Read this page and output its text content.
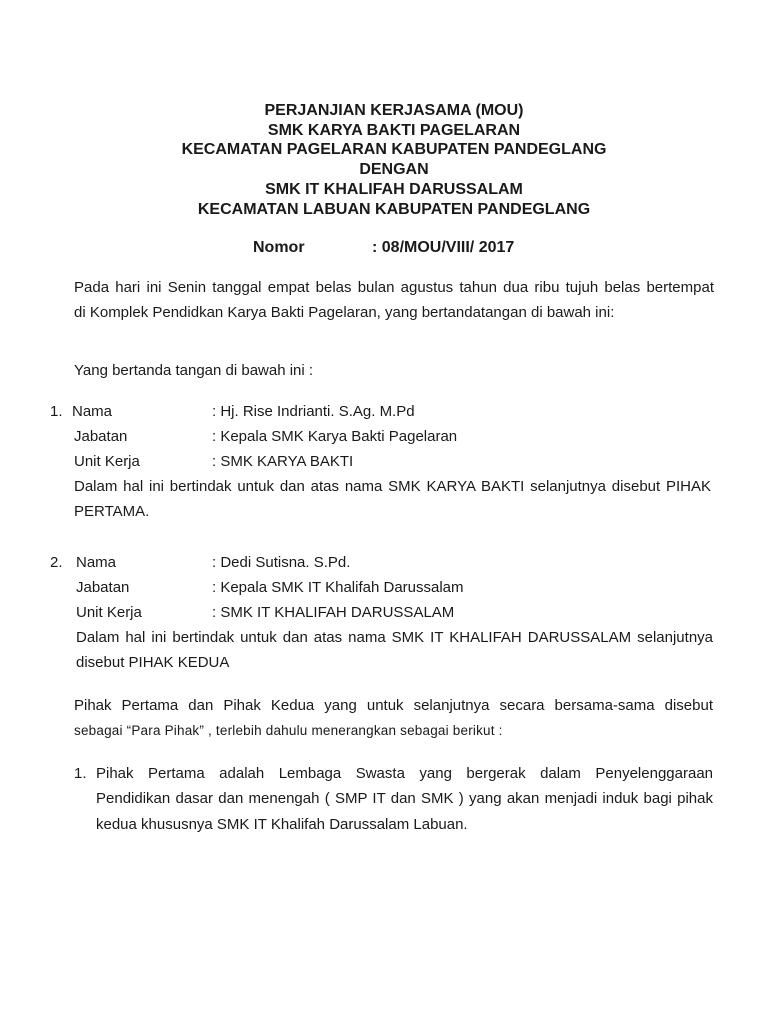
PERJANJIAN KERJASAMA (MOU)
SMK KARYA BAKTI PAGELARAN
KECAMATAN PAGELARAN KABUPATEN PANDEGLANG
DENGAN
SMK IT KHALIFAH DARUSSALAM
KECAMATAN LABUAN KABUPATEN PANDEGLANG
Nomor	: 08/MOU/VIII/ 2017
Pada hari ini Senin tanggal empat belas bulan agustus tahun dua ribu tujuh belas bertempat
di Komplek Pendidkan Karya Bakti Pagelaran, yang bertandatangan di bawah ini:
Yang bertanda tangan di bawah ini :
1. Nama	: Hj. Rise Indrianti. S.Ag. M.Pd
Jabatan	: Kepala SMK Karya Bakti Pagelaran
Unit Kerja	: SMK KARYA BAKTI
Dalam hal ini bertindak untuk dan atas nama SMK KARYA BAKTI selanjutnya disebut PIHAK
PERTAMA.
2. Nama	: Dedi Sutisna. S.Pd.
Jabatan	: Kepala SMK IT Khalifah Darussalam
Unit Kerja	: SMK IT KHALIFAH DARUSSALAM
Dalam hal ini bertindak untuk dan atas nama SMK IT KHALIFAH DARUSSALAM selanjutnya
disebut PIHAK KEDUA
Pihak Pertama dan Pihak Kedua yang untuk selanjutnya secara bersama-sama disebut
sebagai “Para Pihak” , terlebih dahulu menerangkan sebagai berikut :
1. Pihak Pertama adalah Lembaga Swasta yang bergerak dalam Penyelenggaraan
Pendidikan dasar dan menengah ( SMP IT dan SMK ) yang akan menjadi induk bagi pihak
kedua khususnya SMK IT Khalifah Darussalam Labuan.
